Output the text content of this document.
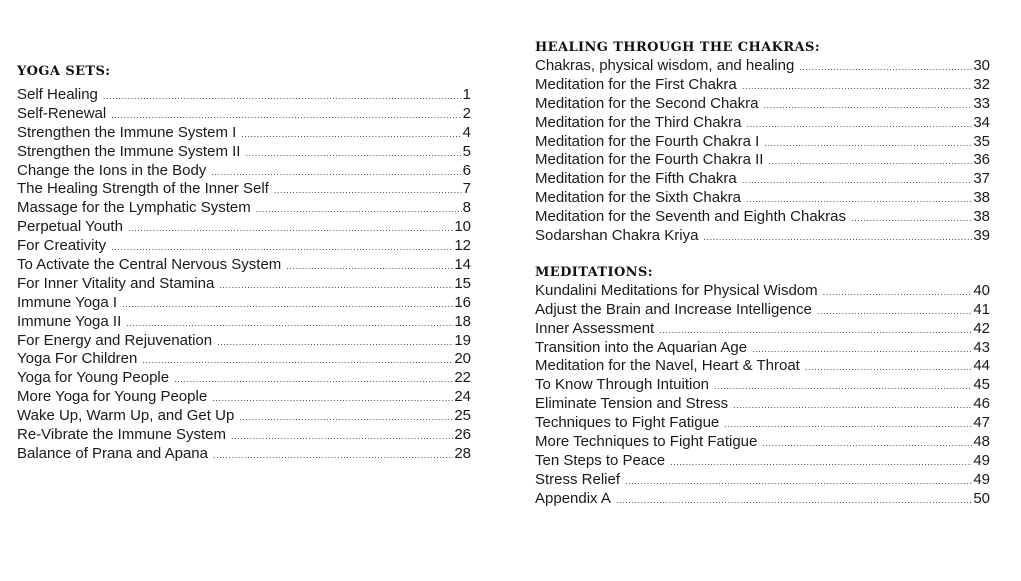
YOGA SETS:
Self Healing .....	1
Self-Renewal .....	2
Strengthen the Immune System I .....	4
Strengthen the Immune System II .....	5
Change the Ions in the Body .....	6
The Healing Strength of the Inner Self .....	7
Massage for the Lymphatic System .....	8
Perpetual Youth .....	10
For Creativity .....	12
To Activate the Central Nervous System .....	14
For Inner Vitality and Stamina .....	15
Immune Yoga I .....	16
Immune Yoga II .....	18
For Energy and Rejuvenation .....	19
Yoga For Children .....	20
Yoga for Young People .....	22
More Yoga for Young People .....	24
Wake Up, Warm Up, and Get Up .....	25
Re-Vibrate the Immune System .....	26
Balance of Prana and Apana .....	28
HEALING THROUGH THE CHAKRAS:
Chakras, physical wisdom, and healing .....	30
Meditation for the First Chakra .....	32
Meditation for the Second Chakra .....	33
Meditation for the Third Chakra .....	34
Meditation for the Fourth Chakra I .....	35
Meditation for the Fourth Chakra II .....	36
Meditation for the Fifth Chakra .....	37
Meditation for the Sixth Chakra .....	38
Meditation for the Seventh and Eighth Chakras .....	38
Sodarshan Chakra Kriya .....	39
MEDITATIONS:
Kundalini Meditations for Physical Wisdom .....	40
Adjust the Brain and Increase Intelligence .....	41
Inner Assessment .....	42
Transition into the Aquarian Age .....	43
Meditation for the Navel, Heart & Throat .....	44
To Know Through Intuition .....	45
Eliminate Tension and Stress .....	46
Techniques to Fight Fatigue .....	47
More Techniques to Fight Fatigue .....	48
Ten Steps to Peace .....	49
Stress Relief .....	49
Appendix A .....	50
